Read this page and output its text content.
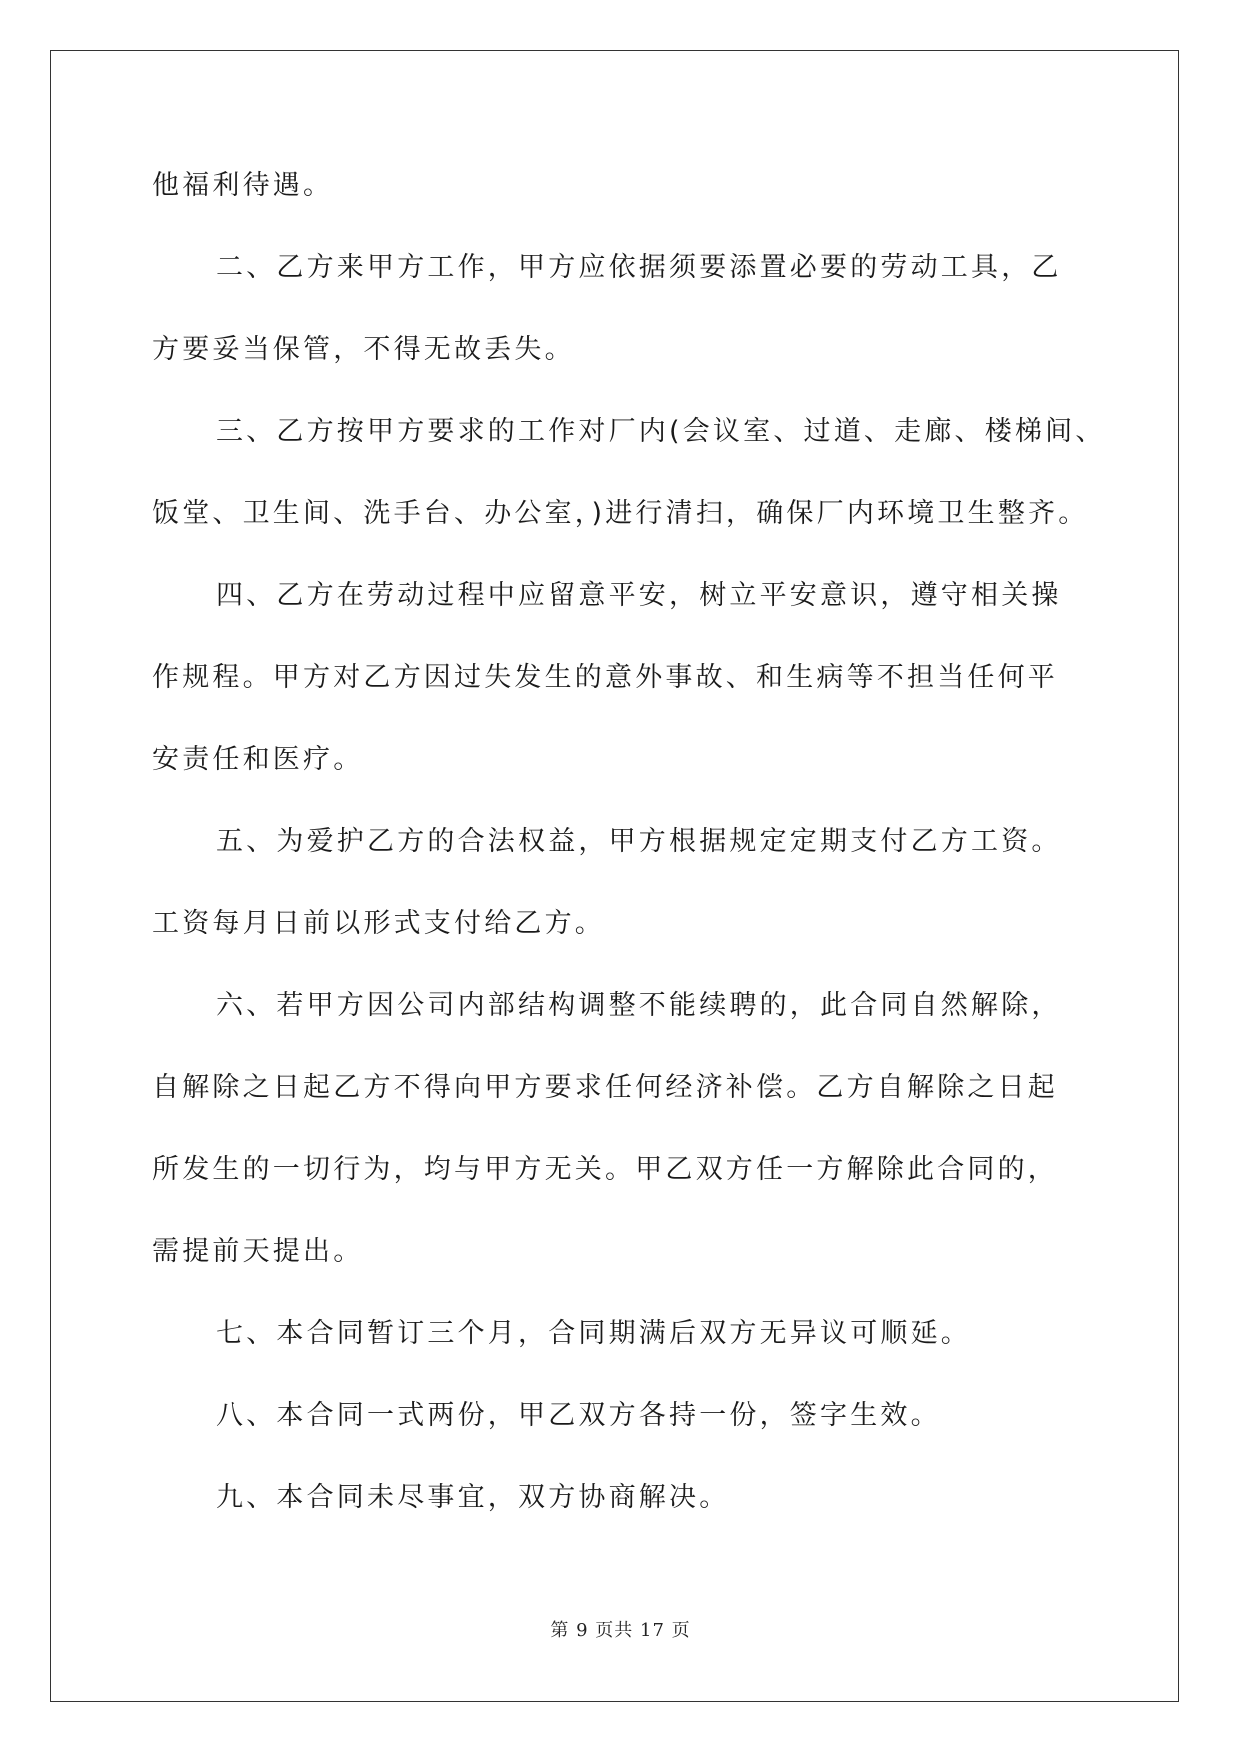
他福利待遇。
二、乙方来甲方工作，甲方应依据须要添置必要的劳动工具，乙
方要妥当保管，不得无故丢失。
三、乙方按甲方要求的工作对厂内(会议室、过道、走廊、楼梯间、
饭堂、卫生间、洗手台、办公室，)进行清扫，确保厂内环境卫生整齐。
四、乙方在劳动过程中应留意平安，树立平安意识，遵守相关操
作规程。甲方对乙方因过失发生的意外事故、和生病等不担当任何平
安责任和医疗。
五、为爱护乙方的合法权益，甲方根据规定定期支付乙方工资。
工资每月日前以形式支付给乙方。
六、若甲方因公司内部结构调整不能续聘的，此合同自然解除，
自解除之日起乙方不得向甲方要求任何经济补偿。乙方自解除之日起
所发生的一切行为，均与甲方无关。甲乙双方任一方解除此合同的，
需提前天提出。
七、本合同暂订三个月，合同期满后双方无异议可顺延。
八、本合同一式两份，甲乙双方各持一份，签字生效。
九、本合同未尽事宜，双方协商解决。
第 9 页共 17 页
